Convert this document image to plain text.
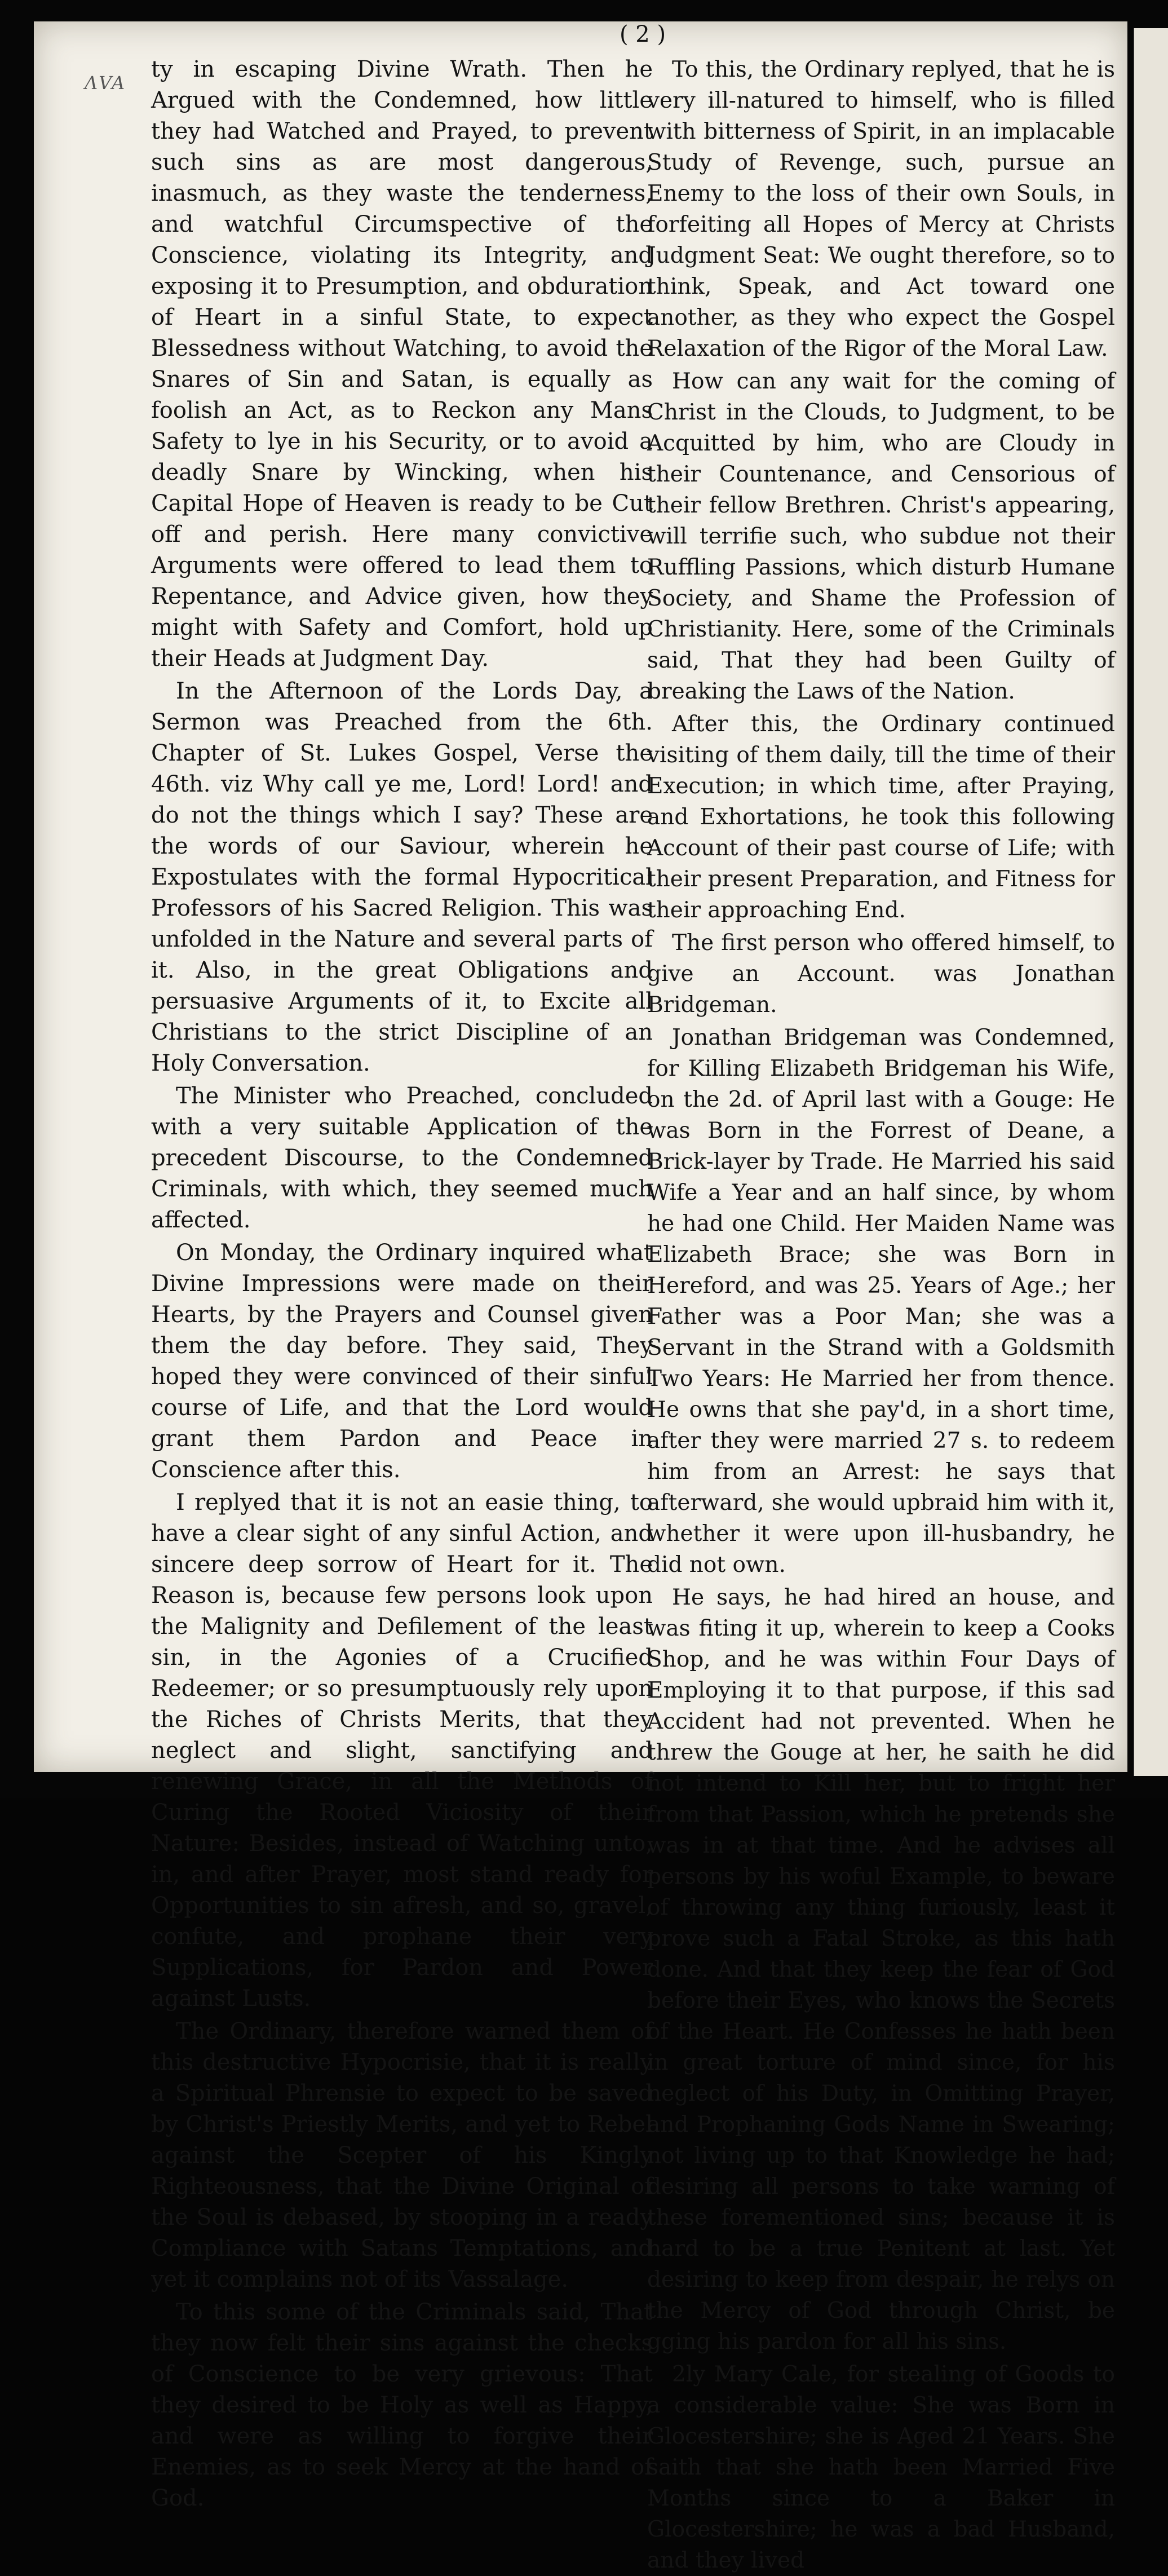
( 2 )
ɅVA

ty in escaping Divine Wrath. Then he Argued with the Condemned, how little they had Watched and Prayed, to prevent such sins as are most dangerous, inasmuch, as they waste the tenderness, and watchful Circumspective of the Conscience, violating its Integrity, and exposing it to Presumption, and obduration of Heart in a sinful State, to expect Blessedness without Watching, to avoid the Snares of Sin and Satan, is equally as foolish an Act, as to Reckon any Mans Safety to lye in his Security, or to avoid a deadly Snare by Wincking, when his Capital Hope of Heaven is ready to be Cut off and perish. Here many convictive Arguments were offered to lead them to Repentance, and Advice given, how they might with Safety and Comfort, hold up their Heads at Judgment Day.

In the Afternoon of the Lords Day, a Sermon was Preached from the 6th. Chapter of St. Lukes Gospel, Verse the 46th. viz Why call ye me, Lord! Lord! and do not the things which I say? These are the words of our Saviour, wherein he Expostulates with the formal Hypocritical Professors of his Sacred Religion. This was unfolded in the Nature and several parts of it. Also, in the great Obligations and persuasive Arguments of it, to Excite all Christians to the strict Discipline of an Holy Conversation.

The Minister who Preached, concluded with a very suitable Application of the precedent Discourse, to the Condemned Criminals, with which, they seemed much affected.

On Monday, the Ordinary inquired what Divine Impressions were made on their Hearts, by the Prayers and Counsel given them the day before. They said, They hoped they were convinced of their sinful course of Life, and that the Lord would grant them Pardon and Peace in Conscience after this.

I replyed that it is not an easie thing, to have a clear sight of any sinful Action, and sincere deep sorrow of Heart for it. The Reason is, because few persons look upon the Malignity and Defilement of the least sin, in the Agonies of a Crucified Redeemer; or so presumptuously rely upon the Riches of Christs Merits, that they neglect and slight, sanctifying and renewing Grace, in all the Methods of Curing the Rooted Viciosity of their Nature: Besides, instead of Watching unto, in, and after Prayer, most stand ready for Opportunities to sin afresh, and so, gravel, confute, and prophane their very Supplications, for Pardon and Power against Lusts.

The Ordinary, therefore warned them of this destructive Hypocrisie, that it is really a Spiritual Phrensie to expect to be saved by Christ's Priestly Merits, and yet to Rebel against the Scepter of his Kingly Righteousness, that the Divine Original of the Soul is debased, by stooping in a ready Compliance with Satans Temptations, and yet it complains not of its Vassalage.

To this some of the Criminals said, That they now felt their sins against the checks of Conscience to be very grievous: That they desired to be Holy as well as Happy, and were as willing to forgive their Enemies, as to seek Mercy at the hand of God.

To this, the Ordinary replyed, that he is very ill-natured to himself, who is filled with bitterness of Spirit, in an implacable Study of Revenge, such, pursue an Enemy to the loss of their own Souls, in forfeiting all Hopes of Mercy at Christs Judgment Seat: We ought therefore, so to think, Speak, and Act toward one another, as they who expect the Gospel Relaxation of the Rigor of the Moral Law.

How can any wait for the coming of Christ in the Clouds, to Judgment, to be Acquitted by him, who are Cloudy in their Countenance, and Censorious of their fellow Brethren. Christ's appearing, will terrifie such, who subdue not their Ruffling Passions, which disturb Humane Society, and Shame the Profession of Christianity. Here, some of the Criminals said, That they had been Guilty of breaking the Laws of the Nation.

After this, the Ordinary continued visiting of them daily, till the time of their Execution; in which time, after Praying, and Exhortations, he took this following Account of their past course of Life; with their present Preparation, and Fitness for their approaching End.

The first person who offered himself, to give an Account. was Jonathan Bridgeman.

Jonathan Bridgeman was Condemned, for Killing Elizabeth Bridgeman his Wife, on the 2d. of April last with a Gouge: He was Born in the Forrest of Deane, a Brick-layer by Trade. He Married his said Wife a Year and an half since, by whom he had one Child. Her Maiden Name was Elizabeth Brace; she was Born in Hereford, and was 25. Years of Age.; her Father was a Poor Man; she was a Servant in the Strand with a Goldsmith Two Years: He Married her from thence. He owns that she pay'd, in a short time, after they were married 27 s. to redeem him from an Arrest: he says that afterward, she would upbraid him with it, whether it were upon ill-husbandry, he did not own.

He says, he had hired an house, and was fiting it up, wherein to keep a Cooks Shop, and he was within Four Days of Employing it to that purpose, if this sad Accident had not prevented. When he threw the Gouge at her, he saith he did not intend to Kill her, but to fright her from that Passion, which he pretends she was in at that time. And he advises all persons by his woful Example, to beware of throwing any thing furiously, least it prove such a Fatal Stroke, as this hath done. And that they keep the fear of God before their Eyes, who knows the Secrets of the Heart. He Confesses he hath been in great torture of mind since, for his neglect of his Duty, in Omitting Prayer, and Prophaning Gods Name in Swearing; not living up to that Knowledge he had; desiring all persons to take warning of these forementioned sins; because it is hard to be a true Penitent at last. Yet desiring to keep from despair, he relys on the Mercy of God through Christ, be gging his pardon for all his sins.

2ly Mary Cale, for stealing of Goods to a considerable value: She was Born in Glocestershire; she is Aged 21 Years. She saith that she hath been Married Five Months since to a Baker in Glocestershire; he was a bad Husband, and they lived
